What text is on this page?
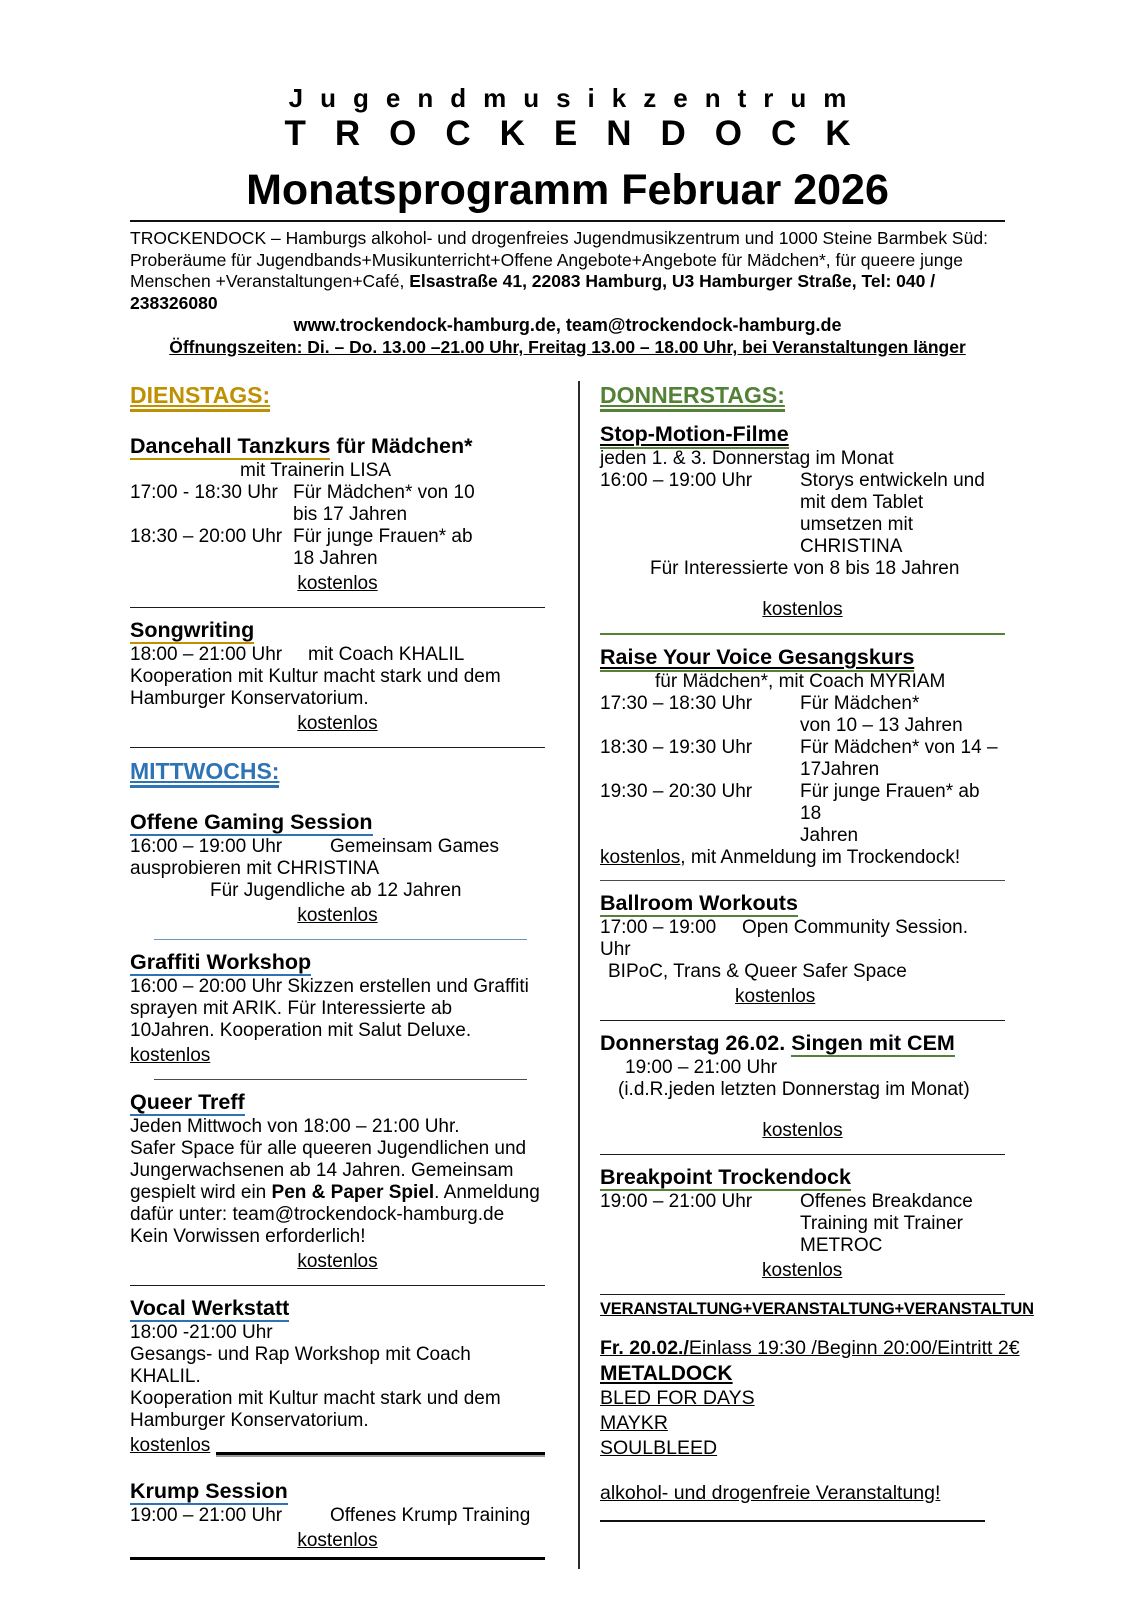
Jugendmusikzentrum
TROCKENDOCK
Monatsprogramm Februar 2026

TROCKENDOCK – Hamburgs alkohol- und drogenfreies Jugendmusikzentrum und 1000 Steine Barmbek Süd:
Proberäume für Jugendbands+Musikunterricht+Offene Angebote+Angebote für Mädchen*, für queere junge
Menschen +Veranstaltungen+Café, Elsastraße 41, 22083 Hamburg, U3 Hamburger Straße, Tel: 040 / 238326080

www.trockendock-hamburg.de, team@trockendock-hamburg.de
Öffnungszeiten: Di. – Do. 13.00 –21.00 Uhr, Freitag 13.00 – 18.00 Uhr, bei Veranstaltungen länger
DIENSTAGS:
Dancehall Tanzkurs für Mädchen*
mit Trainerin LISA
17:00 - 18:30 Uhr Für Mädchen* von 10
bis 17 Jahren
18:30 – 20:00 Uhr Für junge Frauen* ab
18 Jahren
kostenlos
Songwriting
18:00 – 21:00 Uhr	mit Coach KHALIL
Kooperation mit Kultur macht stark und dem
Hamburger Konservatorium.
kostenlos
MITTWOCHS:
Offene Gaming Session
16:00 – 19:00 Uhr	Gemeinsam Games
ausprobieren mit CHRISTINA
Für Jugendliche ab 12 Jahren
kostenlos
Graffiti Workshop
16:00 – 20:00 Uhr Skizzen erstellen und Graffiti
sprayen mit ARIK. Für Interessierte ab
10Jahren. Kooperation mit Salut Deluxe.
kostenlos
Queer Treff
Jeden Mittwoch von 18:00 – 21:00 Uhr.
Safer Space für alle queeren Jugendlichen und
Jungerwachsenen ab 14 Jahren. Gemeinsam
gespielt wird ein Pen & Paper Spiel. Anmeldung
dafür unter: team@trockendock-hamburg.de
Kein Vorwissen erforderlich!
kostenlos
Vocal Werkstatt
18:00 -21:00 Uhr
Gesangs- und Rap Workshop mit Coach
KHALIL.
Kooperation mit Kultur macht stark und dem
Hamburger Konservatorium.
kostenlos
Krump Session
19:00 – 21:00 Uhr	Offenes Krump Training
kostenlos
DONNERSTAGS:
Stop-Motion-Filme
jeden 1. & 3. Donnerstag im Monat
16:00 – 19:00 Uhr	Storys entwickeln und
mit dem Tablet
umsetzen mit
CHRISTINA
Für Interessierte von 8 bis 18 Jahren
kostenlos
Raise Your Voice Gesangskurs
für Mädchen*, mit Coach MYRIAM
17:30 – 18:30 Uhr	Für Mädchen*
von 10 – 13 Jahren
18:30 – 19:30 Uhr	Für Mädchen* von 14 –
17Jahren
19:30 – 20:30 Uhr	Für junge Frauen* ab 18
Jahren
kostenlos, mit Anmeldung im Trockendock!
Ballroom Workouts
17:00 – 19:00 Uhr
Open Community Session.
BIPoC, Trans & Queer Safer Space
kostenlos
Donnerstag 26.02. Singen mit CEM
19:00 – 21:00 Uhr
(i.d.R.jeden letzten Donnerstag im Monat)
kostenlos
Breakpoint Trockendock
19:00 – 21:00 Uhr	Offenes Breakdance
Training mit Trainer
METROC
kostenlos
VERANSTALTUNG+VERANSTALTUNG+VERANSTALTUN
Fr. 20.02./Einlass 19:30 /Beginn 20:00/Eintritt 2€
METALDOCK
BLED FOR DAYS
MAYKR
SOULBLEED
alkohol- und drogenfreie Veranstaltung!
